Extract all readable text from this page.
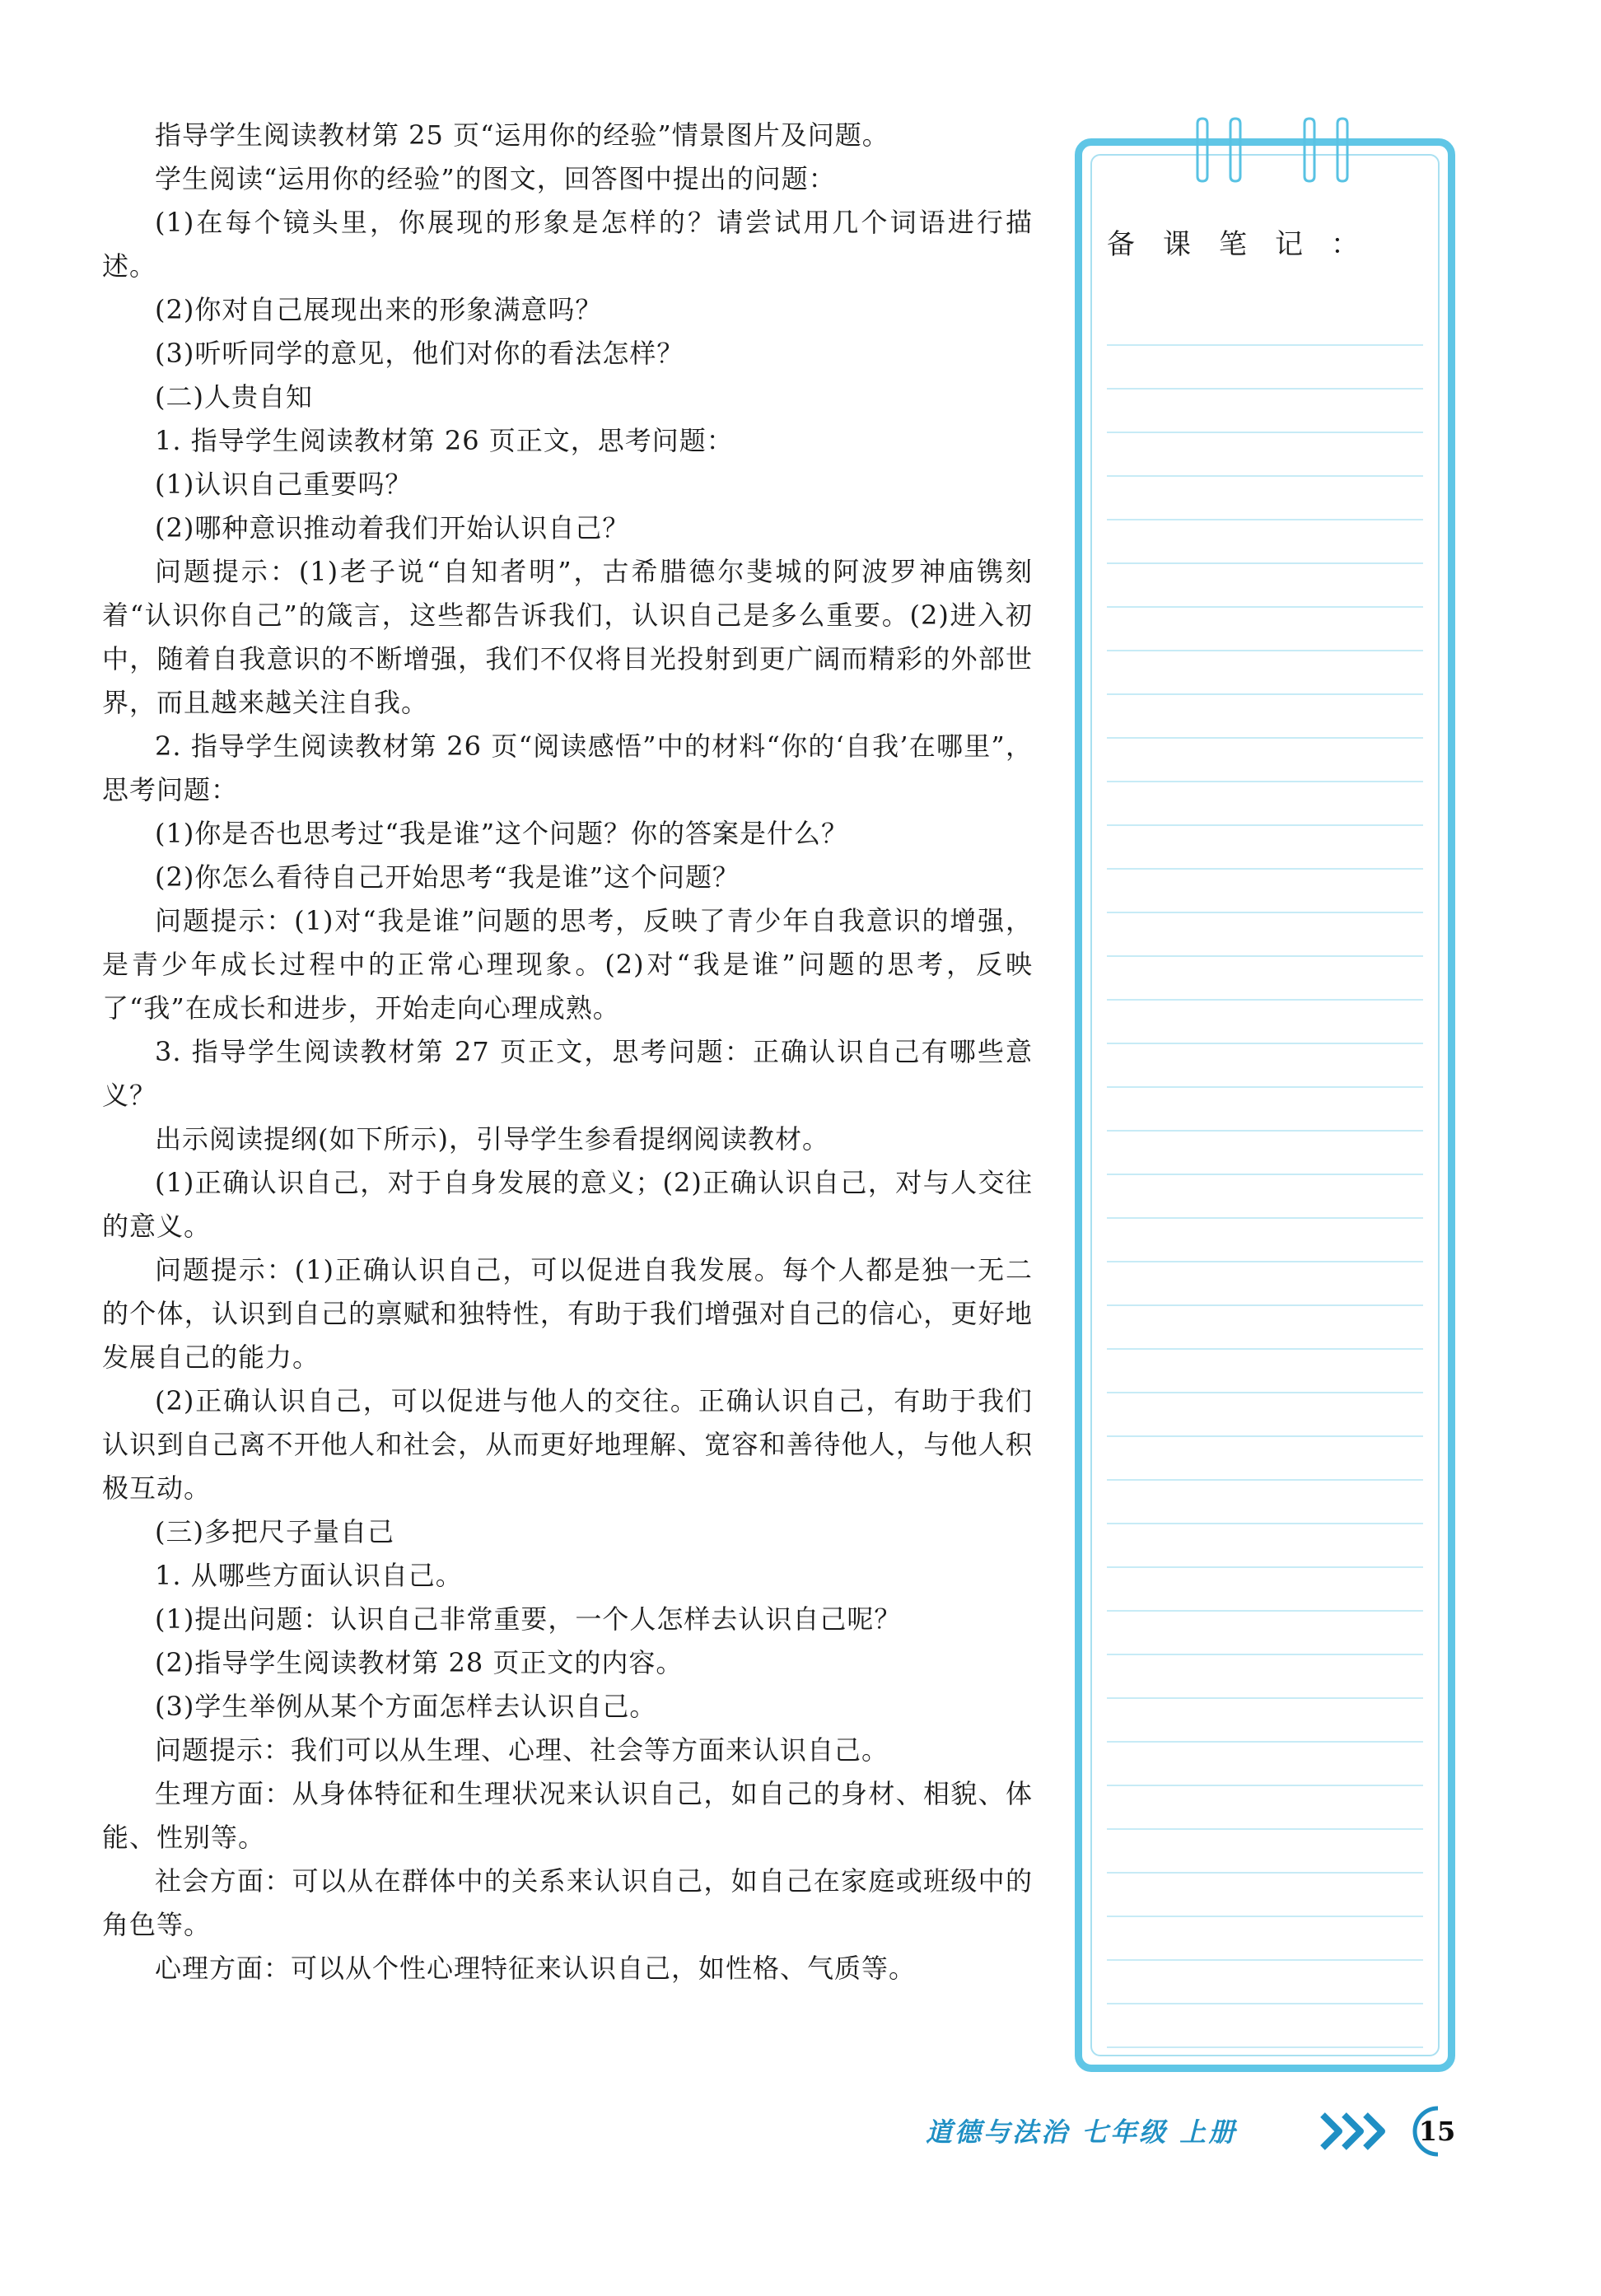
指导学生阅读教材第 25 页“运用你的经验”情景图片及问题。

学生阅读“运用你的经验”的图文，回答图中提出的问题：

(1)在每个镜头里，你展现的形象是怎样的？请尝试用几个词语进行描述。

(2)你对自己展现出来的形象满意吗？

(3)听听同学的意见，他们对你的看法怎样？

(二)人贵自知

1. 指导学生阅读教材第 26 页正文，思考问题：

(1)认识自己重要吗？

(2)哪种意识推动着我们开始认识自己？

问题提示：(1)老子说“自知者明”，古希腊德尔斐城的阿波罗神庙镌刻着“认识你自己”的箴言，这些都告诉我们，认识自己是多么重要。(2)进入初中，随着自我意识的不断增强，我们不仅将目光投射到更广阔而精彩的外部世界，而且越来越关注自我。

2. 指导学生阅读教材第 26 页“阅读感悟”中的材料“你的‘自我’在哪里”，思考问题：

(1)你是否也思考过“我是谁”这个问题？你的答案是什么？

(2)你怎么看待自己开始思考“我是谁”这个问题？

问题提示：(1)对“我是谁”问题的思考，反映了青少年自我意识的增强，是青少年成长过程中的正常心理现象。(2)对“我是谁”问题的思考，反映了“我”在成长和进步，开始走向心理成熟。

3. 指导学生阅读教材第 27 页正文，思考问题：正确认识自己有哪些意义？

出示阅读提纲(如下所示)，引导学生参看提纲阅读教材。

(1)正确认识自己，对于自身发展的意义；(2)正确认识自己，对与人交往的意义。

问题提示：(1)正确认识自己，可以促进自我发展。每个人都是独一无二的个体，认识到自己的禀赋和独特性，有助于我们增强对自己的信心，更好地发展自己的能力。

(2)正确认识自己，可以促进与他人的交往。正确认识自己，有助于我们认识到自己离不开他人和社会，从而更好地理解、宽容和善待他人，与他人积极互动。

(三)多把尺子量自己

1. 从哪些方面认识自己。

(1)提出问题：认识自己非常重要，一个人怎样去认识自己呢？

(2)指导学生阅读教材第 28 页正文的内容。

(3)学生举例从某个方面怎样去认识自己。

问题提示：我们可以从生理、心理、社会等方面来认识自己。

生理方面：从身体特征和生理状况来认识自己，如自己的身材、相貌、体能、性别等。

社会方面：可以从在群体中的关系来认识自己，如自己在家庭或班级中的角色等。

心理方面：可以从个性心理特征来认识自己，如性格、气质等。

备课笔记：
道德与法治 七年级 上册	15
